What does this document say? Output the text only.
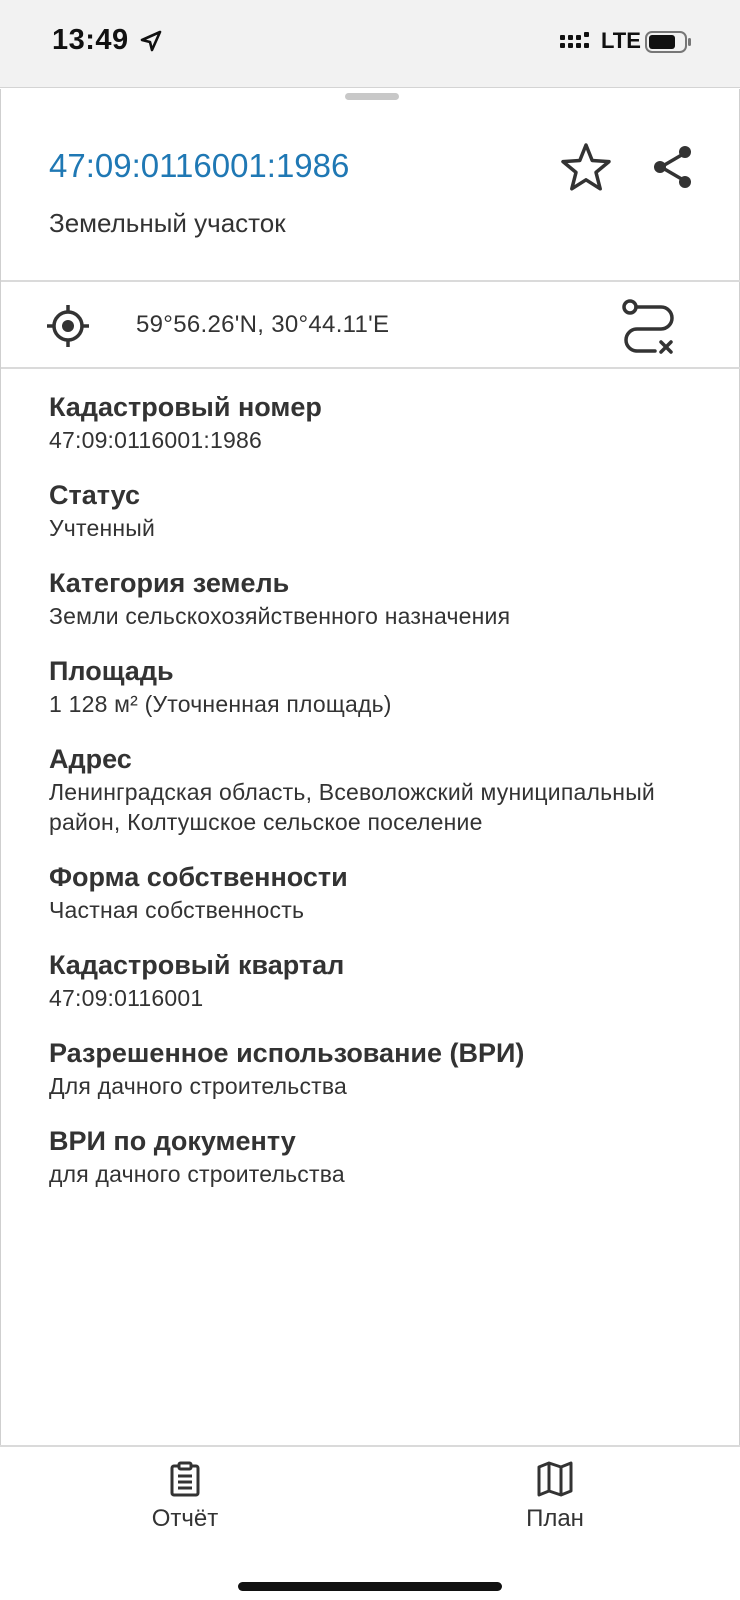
13:49	LTE
47:09:0116001:1986
Земельный участок
59°56.26'N, 30°44.11'E
Кадастровый номер
47:09:0116001:1986
Статус
Учтенный
Категория земель
Земли сельскохозяйственного назначения
Площадь
1 128 м² (Уточненная площадь)
Адрес
Ленинградская область, Всеволожский муниципальный район, Колтушское сельское поселение
Форма собственности
Частная собственность
Кадастровый квартал
47:09:0116001
Разрешенное использование (ВРИ)
Для дачного строительства
ВРИ по документу
для дачного строительства
Отчёт	План
